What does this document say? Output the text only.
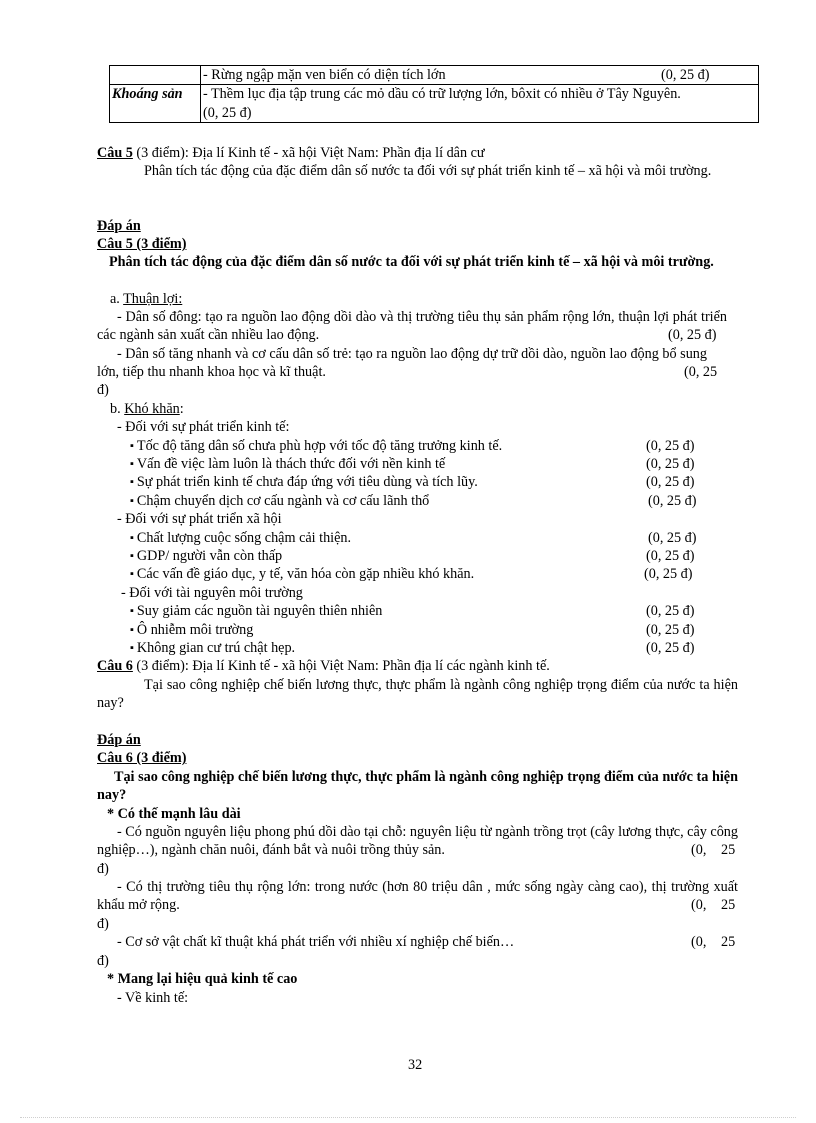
	- Rừng ngập mặn ven biển có diện tích lớn (0, 25 đ)

Khoáng sản	- Thềm lục địa tập trung các mỏ dầu có trữ lượng lớn, bôxit có nhiều ở Tây Nguyên.
(0, 25 đ)
Câu 5 (3 điểm): Địa lí Kinh tế - xã hội Việt Nam: Phần địa lí dân cư
Phân tích tác động của đặc điểm dân số nước ta đối với sự phát triển kinh tế – xã hội và môi trường.
Đáp án
Câu 5 (3 điểm)
Phân tích tác động của đặc điểm dân số nước ta đối với sự phát triển kinh tế – xã hội và môi trường.
a. Thuận lợi:
- Dân số đông: tạo ra nguồn lao động dồi dào và thị trường tiêu thụ sản phẩm rộng lớn, thuận lợi phát triển các ngành sản xuất cần nhiều lao động.	(0, 25 đ)
- Dân số tăng nhanh và cơ cấu dân số trẻ: tạo ra nguồn lao động dự trữ dồi dào, nguồn lao động bổ sung lớn, tiếp thu nhanh khoa học và kĩ thuật.	(0, 25
đ)
b. Khó khăn:
- Đối với sự phát triển kinh tế:
▪ Tốc độ tăng dân số chưa phù hợp với tốc độ tăng trưởng kinh tế.	(0, 25 đ)
▪ Vấn đề việc làm luôn là thách thức đối với nền kinh tế	(0, 25 đ)
▪ Sự phát triển kinh tế chưa đáp ứng với tiêu dùng và tích lũy.	(0, 25 đ)
▪ Chậm chuyển dịch cơ cấu ngành và cơ cấu lãnh thổ	(0, 25 đ)
- Đối với sự phát triển xã hội
▪ Chất lượng cuộc sống chậm cải thiện.	(0, 25 đ)
▪ GDP/ người vẫn còn thấp	(0, 25 đ)
▪ Các vấn đề giáo dục, y tế, văn hóa còn gặp nhiều khó khăn.	(0, 25 đ)
- Đối với tài nguyên môi trường
▪ Suy giảm các nguồn tài nguyên thiên nhiên	(0, 25 đ)
▪ Ô nhiễm môi trường	(0, 25 đ)
▪ Không gian cư trú chật hẹp.	(0, 25 đ)
Câu 6 (3 điểm): Địa lí Kinh tế - xã hội Việt Nam: Phần địa lí các ngành kinh tế.
Tại sao công nghiệp chế biến lương thực, thực phẩm là ngành công nghiệp trọng điểm của nước ta hiện nay?
Đáp án
Câu 6 (3 điểm)
Tại sao công nghiệp chế biến lương thực, thực phẩm là ngành công nghiệp trọng điểm của nước ta hiện nay?
* Có thế mạnh lâu dài
- Có nguồn nguyên liệu phong phú dồi dào tại chỗ: nguyên liệu từ ngành trồng trọt (cây lương thực, cây công nghiệp…), ngành chăn nuôi, đánh bắt và nuôi trồng thủy sản.	(0, 25
đ)
- Có thị trường tiêu thụ rộng lớn: trong nước (hơn 80 triệu dân , mức sống ngày càng cao), thị trường xuất khẩu mở rộng.	(0, 25
đ)
- Cơ sở vật chất kĩ thuật khá phát triển với nhiều xí nghiệp chế biến…	(0, 25
đ)
* Mang lại hiệu quả kinh tế cao
- Về kinh tế:
32
